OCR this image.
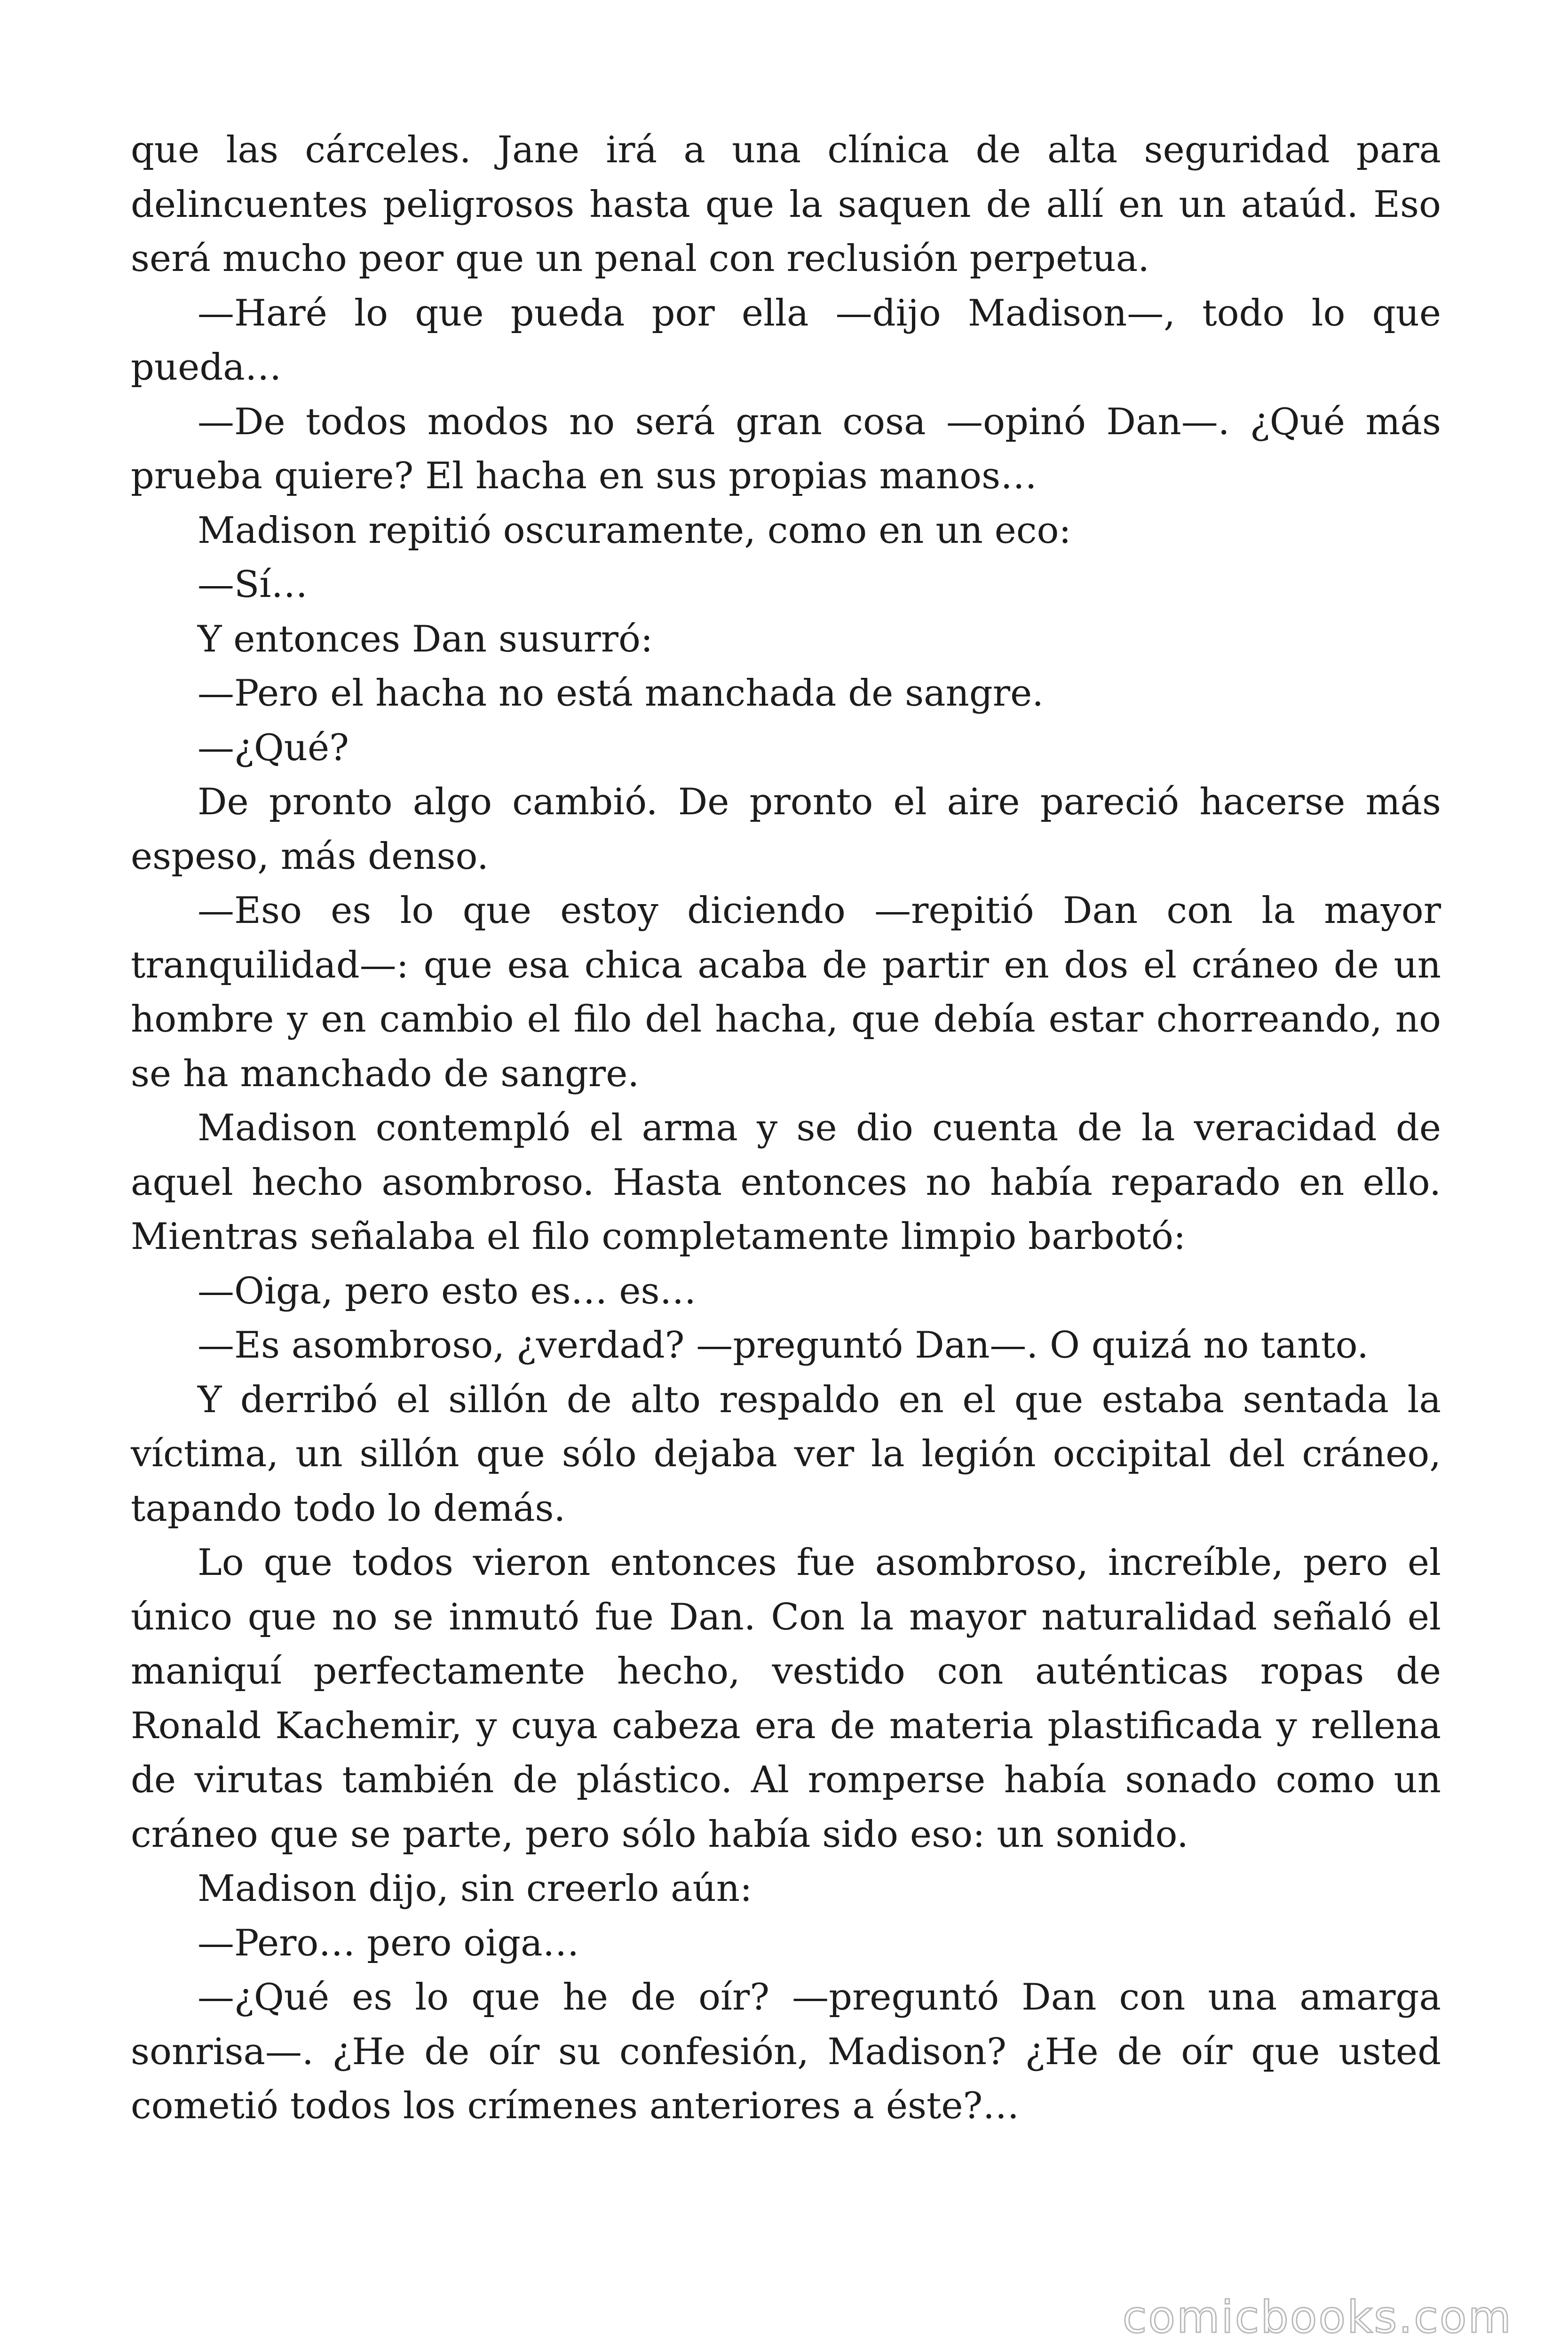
que las cárceles. Jane irá a una clínica de alta seguridad para delincuentes peligrosos hasta que la saquen de allí en un ataúd. Eso será mucho peor que un penal con reclusión perpetua.

—Haré lo que pueda por ella —dijo Madison—, todo lo que pueda…

—De todos modos no será gran cosa —opinó Dan—. ¿Qué más prueba quiere? El hacha en sus propias manos…

Madison repitió oscuramente, como en un eco:

—Sí…

Y entonces Dan susurró:

—Pero el hacha no está manchada de sangre.

—¿Qué?

De pronto algo cambió. De pronto el aire pareció hacerse más espeso, más denso.

—Eso es lo que estoy diciendo —repitió Dan con la mayor tranquilidad—: que esa chica acaba de partir en dos el cráneo de un hombre y en cambio el filo del hacha, que debía estar chorreando, no se ha manchado de sangre.

Madison contempló el arma y se dio cuenta de la veracidad de aquel hecho asombroso. Hasta entonces no había reparado en ello. Mientras señalaba el filo completamente limpio barbotó:

—Oiga, pero esto es… es…

—Es asombroso, ¿verdad? —preguntó Dan—. O quizá no tanto.

Y derribó el sillón de alto respaldo en el que estaba sentada la víctima, un sillón que sólo dejaba ver la legión occipital del cráneo, tapando todo lo demás.

Lo que todos vieron entonces fue asombroso, increíble, pero el único que no se inmutó fue Dan. Con la mayor naturalidad señaló el maniquí perfectamente hecho, vestido con auténticas ropas de Ronald Kachemir, y cuya cabeza era de materia plastificada y rellena de virutas también de plástico. Al romperse había sonado como un cráneo que se parte, pero sólo había sido eso: un sonido.

Madison dijo, sin creerlo aún:

—Pero… pero oiga…

—¿Qué es lo que he de oír? —preguntó Dan con una amarga sonrisa—. ¿He de oír su confesión, Madison? ¿He de oír que usted cometió todos los crímenes anteriores a éste?…

comicbooks.com
